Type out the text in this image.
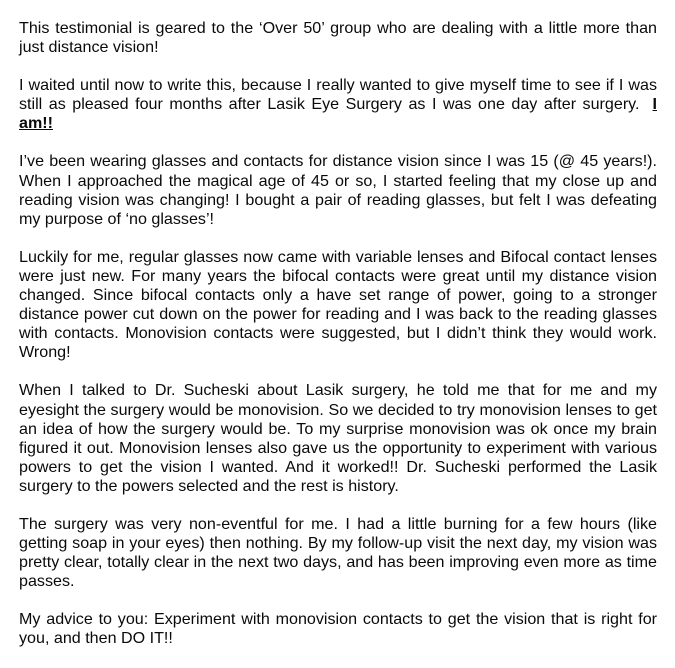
This testimonial is geared to the ‘Over 50’ group who are dealing with a little more than just distance vision!

I waited until now to write this, because I really wanted to give myself time to see if I was still as pleased four months after Lasik Eye Surgery as I was one day after surgery. I am!!

I’ve been wearing glasses and contacts for distance vision since I was 15 (@ 45 years!). When I approached the magical age of 45 or so, I started feeling that my close up and reading vision was changing! I bought a pair of reading glasses, but felt I was defeating my purpose of ‘no glasses’!

Luckily for me, regular glasses now came with variable lenses and Bifocal contact lenses were just new. For many years the bifocal contacts were great until my distance vision changed. Since bifocal contacts only a have set range of power, going to a stronger distance power cut down on the power for reading and I was back to the reading glasses with contacts. Monovision contacts were suggested, but I didn’t think they would work. Wrong!

When I talked to Dr. Sucheski about Lasik surgery, he told me that for me and my eyesight the surgery would be monovision. So we decided to try monovision lenses to get an idea of how the surgery would be. To my surprise monovision was ok once my brain figured it out. Monovision lenses also gave us the opportunity to experiment with various powers to get the vision I wanted. And it worked!! Dr. Sucheski performed the Lasik surgery to the powers selected and the rest is history.

The surgery was very non-eventful for me. I had a little burning for a few hours (like getting soap in your eyes) then nothing. By my follow-up visit the next day, my vision was pretty clear, totally clear in the next two days, and has been improving even more as time passes.

My advice to you: Experiment with monovision contacts to get the vision that is right for you, and then DO IT!!
